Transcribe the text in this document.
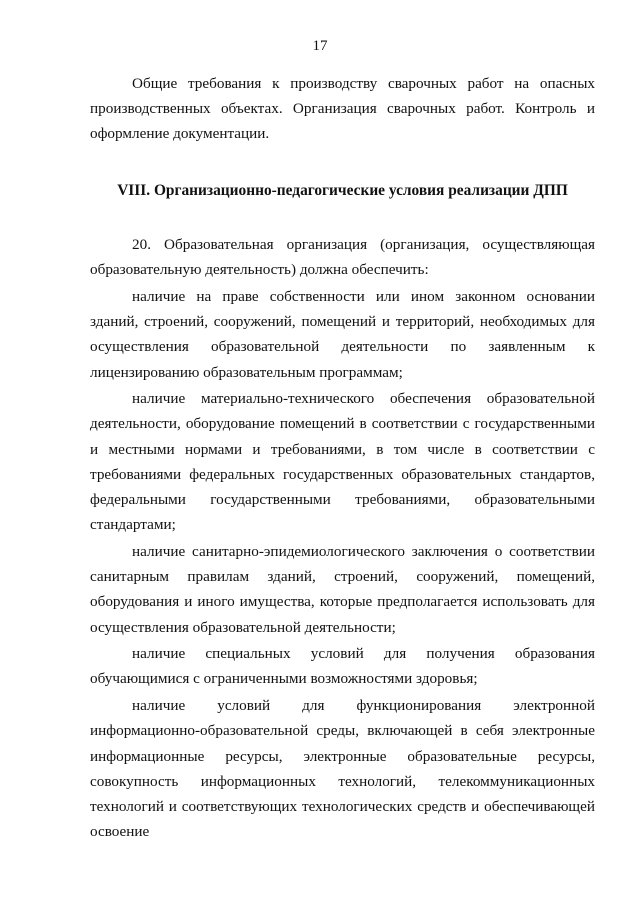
17
Общие требования к производству сварочных работ на опасных производственных объектах. Организация сварочных работ. Контроль и оформление документации.
VIII. Организационно-педагогические условия реализации ДПП

20. Образовательная организация (организация, осуществляющая образовательную деятельность) должна обеспечить:

наличие на праве собственности или ином законном основании зданий, строений, сооружений, помещений и территорий, необходимых для осуществления образовательной деятельности по заявленным к лицензированию образовательным программам;

наличие материально-технического обеспечения образовательной деятельности, оборудование помещений в соответствии с государственными и местными нормами и требованиями, в том числе в соответствии с требованиями федеральных государственных образовательных стандартов, федеральными государственными требованиями, образовательными стандартами;

наличие санитарно-эпидемиологического заключения о соответствии санитарным правилам зданий, строений, сооружений, помещений, оборудования и иного имущества, которые предполагается использовать для осуществления образовательной деятельности;

наличие специальных условий для получения образования обучающимися с ограниченными возможностями здоровья;

наличие условий для функционирования электронной информационно-образовательной среды, включающей в себя электронные информационные ресурсы, электронные образовательные ресурсы, совокупность информационных технологий, телекоммуникационных технологий и соответствующих технологических средств и обеспечивающей освоение
